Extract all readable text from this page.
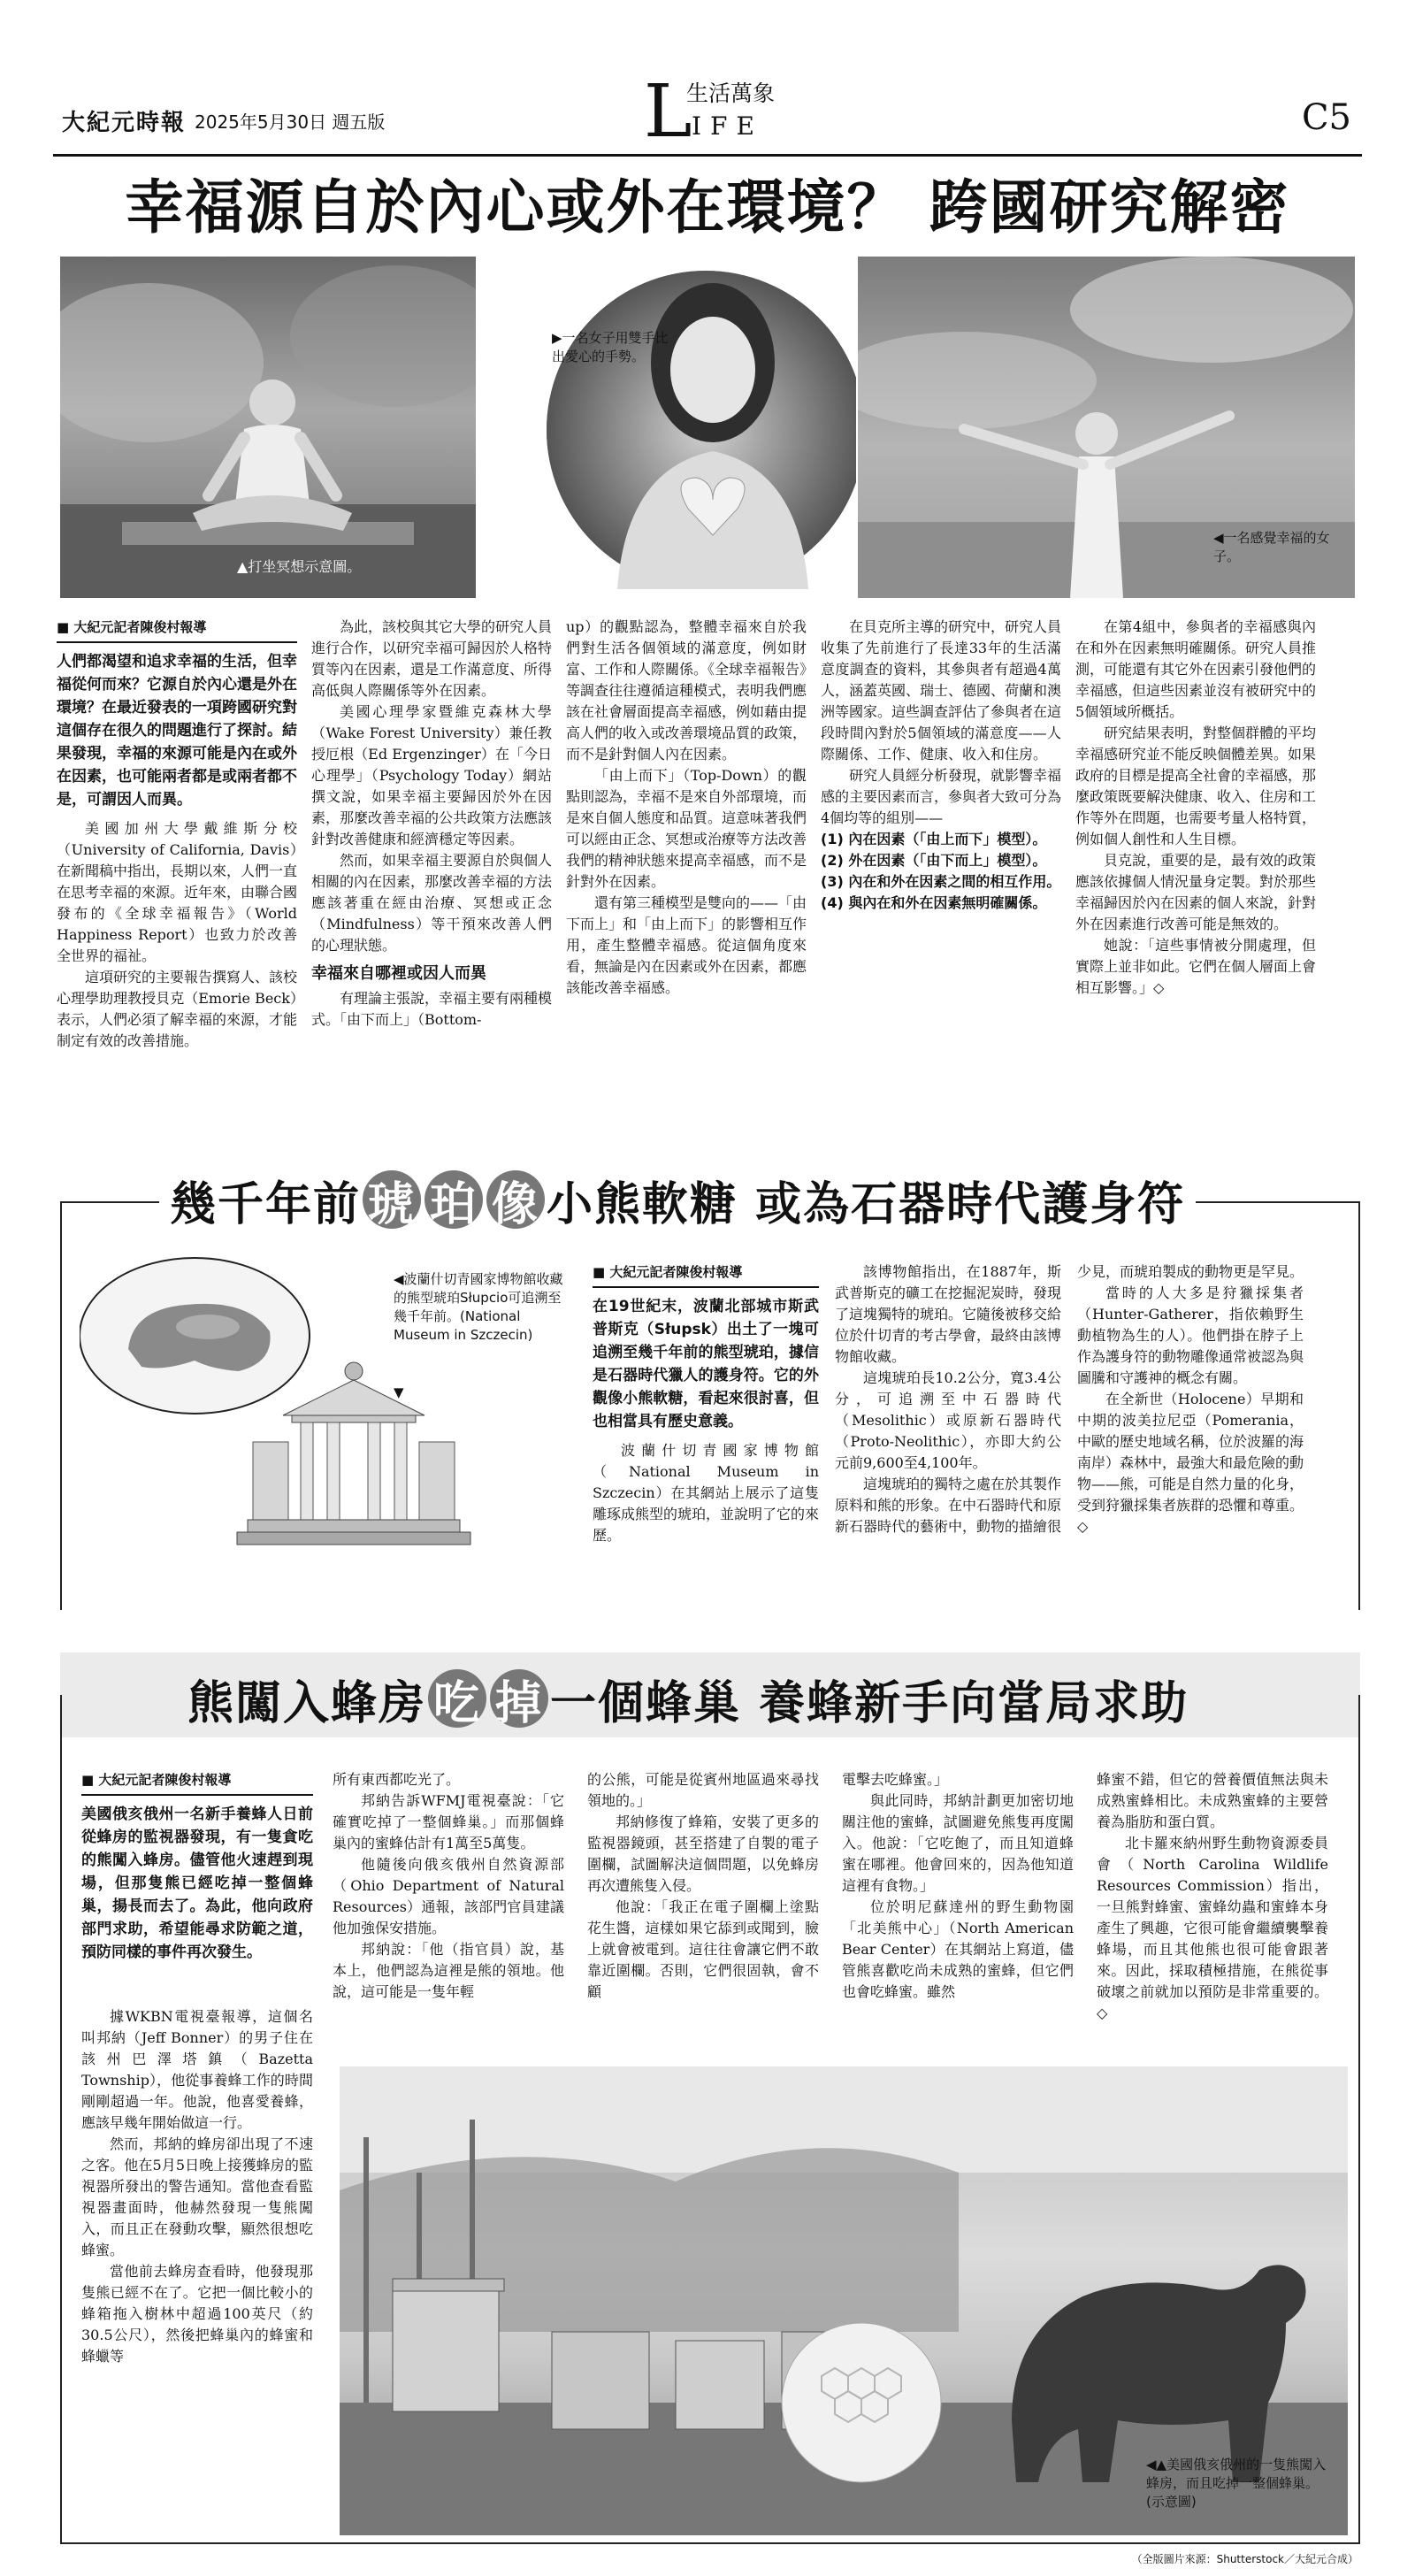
大紀元時報 2025年5月30日 週五版	L
生活萬象
IFE	C5
幸福源自於內心或外在環境？ 跨國研究解密
▲打坐冥想示意圖。
▶一名女子用雙手比出愛心的手勢。
◀一名感覺幸福的女子。
■ 大紀元記者陳俊村報導
人們都渴望和追求幸福的生活，但幸福從何而來？它源自於內心還是外在環境？在最近發表的一項跨國研究對這個存在很久的問題進行了探討。結果發現，幸福的來源可能是內在或外在因素，也可能兩者都是或兩者都不是，可謂因人而異。

美國加州大學戴維斯分校（University of California, Davis）在新聞稿中指出，長期以來，人們一直在思考幸福的來源。近年來，由聯合國發布的《全球幸福報告》（World Happiness Report）也致力於改善全世界的福祉。

這項研究的主要報告撰寫人、該校心理學助理教授貝克（Emorie Beck）表示，人們必須了解幸福的來源，才能制定有效的改善措施。

為此，該校與其它大學的研究人員進行合作，以研究幸福可歸因於人格特質等內在因素，還是工作滿意度、所得高低與人際關係等外在因素。

美國心理學家暨維克森林大學（Wake Forest University）兼任教授厄根（Ed Ergenzinger）在「今日心理學」（Psychology Today）網站撰文說，如果幸福主要歸因於外在因素，那麼改善幸福的公共政策方法應該針對改善健康和經濟穩定等因素。

然而，如果幸福主要源自於與個人相關的內在因素，那麼改善幸福的方法應該著重在經由治療、冥想或正念（Mindfulness）等干預來改善人們的心理狀態。

幸福來自哪裡或因人而異

有理論主張說，幸福主要有兩種模式。「由下而上」（Bottom-

up）的觀點認為，整體幸福來自於我們對生活各個領域的滿意度，例如財富、工作和人際關係。《全球幸福報告》等調查往往遵循這種模式，表明我們應該在社會層面提高幸福感，例如藉由提高人們的收入或改善環境品質的政策，而不是針對個人內在因素。

「由上而下」（Top-Down）的觀點則認為，幸福不是來自外部環境，而是來自個人態度和品質。這意味著我們可以經由正念、冥想或治療等方法改善我們的精神狀態來提高幸福感，而不是針對外在因素。

還有第三種模型是雙向的——「由下而上」和「由上而下」的影響相互作用，產生整體幸福感。從這個角度來看，無論是內在因素或外在因素，都應該能改善幸福感。

在貝克所主導的研究中，研究人員收集了先前進行了長達33年的生活滿意度調查的資料，其參與者有超過4萬人，涵蓋英國、瑞士、德國、荷蘭和澳洲等國家。這些調查評估了參與者在這段時間內對於5個領域的滿意度——人際關係、工作、健康、收入和住房。

研究人員經分析發現，就影響幸福感的主要因素而言，參與者大致可分為4個均等的組別——

(1) 內在因素（「由上而下」模型）。
(2) 外在因素（「由下而上」模型）。
(3) 內在和外在因素之間的相互作用。
(4) 與內在和外在因素無明確關係。

在第4組中，參與者的幸福感與內在和外在因素無明確關係。研究人員推測，可能還有其它外在因素引發他們的幸福感，但這些因素並沒有被研究中的5個領域所概括。

研究結果表明，對整個群體的平均幸福感研究並不能反映個體差異。如果政府的目標是提高全社會的幸福感，那麼政策既要解決健康、收入、住房和工作等外在問題，也需要考量人格特質，例如個人創性和人生目標。

貝克說，重要的是，最有效的政策應該依據個人情況量身定製。對於那些幸福歸因於內在因素的個人來說，針對外在因素進行改善可能是無效的。

她說：「這些事情被分開處理，但實際上並非如此。它們在個人層面上會相互影響。」◇

幾千年前 琥 珀 像 小熊軟糖 或為石器時代護身符
◀波蘭什切青國家博物館收藏的熊型琥珀Słupcio可追溯至幾千年前。(National Museum in Szczecin)
▼
■ 大紀元記者陳俊村報導
在19世紀末，波蘭北部城市斯武普斯克（Słupsk）出土了一塊可追溯至幾千年前的熊型琥珀，據信是石器時代獵人的護身符。它的外觀像小熊軟糖，看起來很討喜，但也相當具有歷史意義。

波蘭什切青國家博物館（National Museum in Szczecin）在其網站上展示了這隻雕琢成熊型的琥珀，並說明了它的來歷。

該博物館指出，在1887年，斯武普斯克的礦工在挖掘泥炭時，發現了這塊獨特的琥珀。它隨後被移交給位於什切青的考古學會，最終由該博物館收藏。

這塊琥珀長10.2公分，寬3.4公分，可追溯至中石器時代（Mesolithic）或原新石器時代（Proto-Neolithic），亦即大約公元前9,600至4,100年。

這塊琥珀的獨特之處在於其製作原料和熊的形象。在中石器時代和原新石器時代的藝術中，動物的描繪很

少見，而琥珀製成的動物更是罕見。

當時的人大多是狩獵採集者（Hunter-Gatherer，指依賴野生動植物為生的人）。他們掛在脖子上作為護身符的動物雕像通常被認為與圖騰和守護神的概念有關。

在全新世（Holocene）早期和中期的波美拉尼亞（Pomerania，中歐的歷史地域名稱，位於波羅的海南岸）森林中，最強大和最危險的動物——熊，可能是自然力量的化身，受到狩獵採集者族群的恐懼和尊重。◇

熊闖入蜂房 吃 掉 一個蜂巢 養蜂新手向當局求助
■ 大紀元記者陳俊村報導
美國俄亥俄州一名新手養蜂人日前從蜂房的監視器發現，有一隻貪吃的熊闖入蜂房。儘管他火速趕到現場，但那隻熊已經吃掉一整個蜂巢，揚長而去了。為此，他向政府部門求助，希望能尋求防範之道，預防同樣的事件再次發生。

據WKBN電視臺報導，這個名叫邦納（Jeff Bonner）的男子住在該州巴澤塔鎮（Bazetta Township），他從事養蜂工作的時間剛剛超過一年。他說，他喜愛養蜂，應該早幾年開始做這一行。

然而，邦納的蜂房卻出現了不速之客。他在5月5日晚上接獲蜂房的監視器所發出的警告通知。當他查看監視器畫面時，他赫然發現一隻熊闖入，而且正在發動攻擊，顯然很想吃蜂蜜。

當他前去蜂房查看時，他發現那隻熊已經不在了。它把一個比較小的蜂箱拖入樹林中超過100英尺（約30.5公尺），然後把蜂巢內的蜂蜜和蜂蠟等

所有東西都吃光了。

邦納告訴WFMJ電視臺說：「它確實吃掉了一整個蜂巢。」而那個蜂巢內的蜜蜂估計有1萬至5萬隻。

他隨後向俄亥俄州自然資源部（Ohio Department of Natural Resources）通報，該部門官員建議他加強保安措施。

邦納說：「他（指官員）說，基本上，他們認為這裡是熊的領地。他說，這可能是一隻年輕

的公熊，可能是從賓州地區過來尋找領地的。」

邦納修復了蜂箱，安裝了更多的監視器鏡頭，甚至搭建了自製的電子圍欄，試圖解決這個問題，以免蜂房再次遭熊隻入侵。

他說：「我正在電子圍欄上塗點花生醬，這樣如果它舔到或聞到，臉上就會被電到。這往往會讓它們不敢靠近圍欄。否則，它們很固執，會不顧

電擊去吃蜂蜜。」

與此同時，邦納計劃更加密切地關注他的蜜蜂，試圖避免熊隻再度闖入。他說：「它吃飽了，而且知道蜂蜜在哪裡。他會回來的，因為他知道這裡有食物。」

位於明尼蘇達州的野生動物園「北美熊中心」（North American Bear Center）在其網站上寫道，儘管熊喜歡吃尚未成熟的蜜蜂，但它們也會吃蜂蜜。雖然

蜂蜜不錯，但它的營養價值無法與未成熟蜜蜂相比。未成熟蜜蜂的主要營養為脂肪和蛋白質。

北卡羅來納州野生動物資源委員會（North Carolina Wildlife Resources Commission）指出，一旦熊對蜂蜜、蜜蜂幼蟲和蜜蜂本身產生了興趣，它很可能會繼續襲擊養蜂場，而且其他熊也很可能會跟著來。因此，採取積極措施，在熊從事破壞之前就加以預防是非常重要的。◇

◀▲美國俄亥俄州的一隻熊闖入蜂房，而且吃掉一整個蜂巢。(示意圖)
（全版圖片來源：Shutterstock／大紀元合成）
